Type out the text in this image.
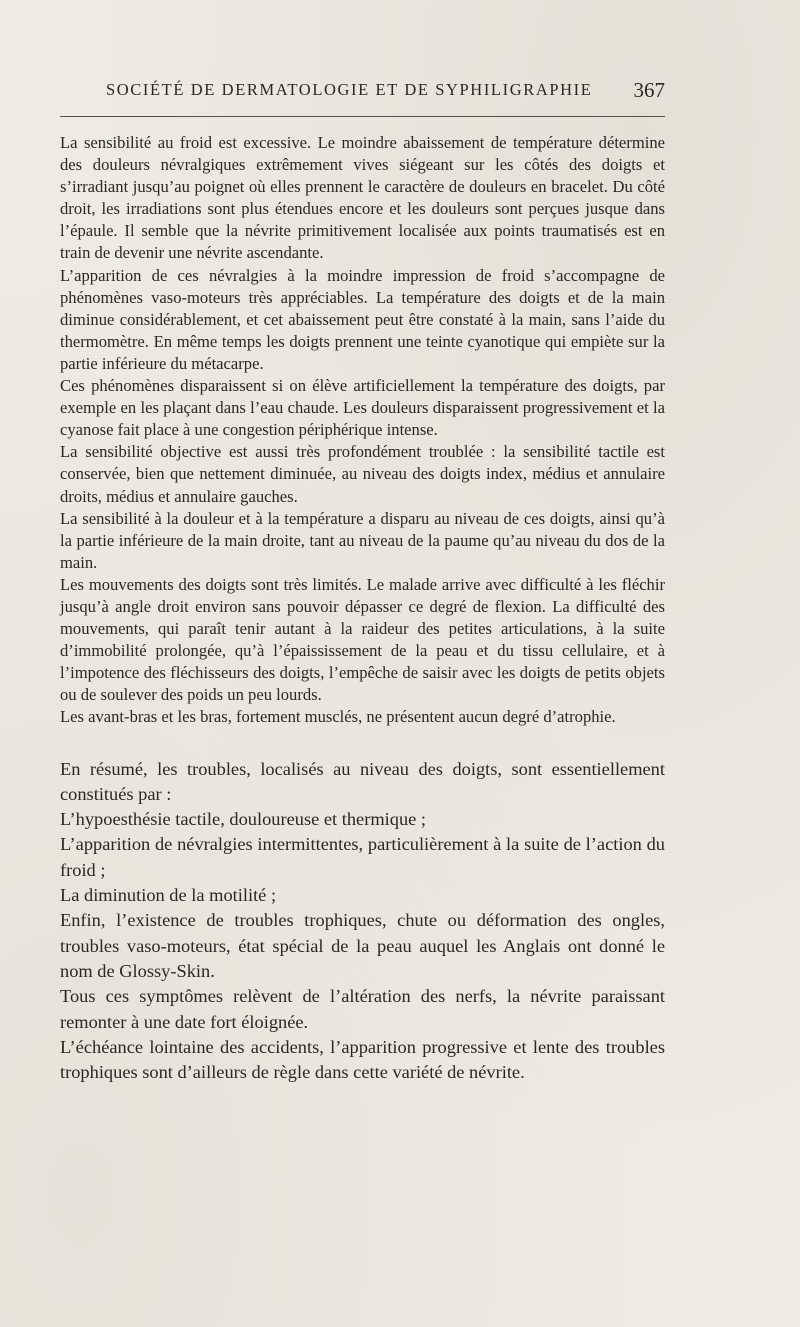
SOCIÉTÉ DE DERMATOLOGIE ET DE SYPHILIGRAPHIE 367

La sensibilité au froid est excessive. Le moindre abaissement de température détermine des douleurs névralgiques extrêmement vives siégeant sur les côtés des doigts et s’irradiant jusqu’au poignet où elles prennent le caractère de douleurs en bracelet. Du côté droit, les irradiations sont plus étendues encore et les douleurs sont perçues jusque dans l’épaule. Il semble que la névrite primitivement localisée aux points traumatisés est en train de devenir une névrite ascendante.

L’apparition de ces névralgies à la moindre impression de froid s’accompagne de phénomènes vaso-moteurs très appréciables. La température des doigts et de la main diminue considérablement, et cet abaissement peut être constaté à la main, sans l’aide du thermomètre. En même temps les doigts prennent une teinte cyanotique qui empiète sur la partie inférieure du métacarpe.

Ces phénomènes disparaissent si on élève artificiellement la température des doigts, par exemple en les plaçant dans l’eau chaude. Les douleurs disparaissent progressivement et la cyanose fait place à une congestion périphérique intense.

La sensibilité objective est aussi très profondément troublée : la sensibilité tactile est conservée, bien que nettement diminuée, au niveau des doigts index, médius et annulaire droits, médius et annulaire gauches.

La sensibilité à la douleur et à la température a disparu au niveau de ces doigts, ainsi qu’à la partie inférieure de la main droite, tant au niveau de la paume qu’au niveau du dos de la main.

Les mouvements des doigts sont très limités. Le malade arrive avec difficulté à les fléchir jusqu’à angle droit environ sans pouvoir dépasser ce degré de flexion. La difficulté des mouvements, qui paraît tenir autant à la raideur des petites articulations, à la suite d’immobilité prolongée, qu’à l’épaississement de la peau et du tissu cellulaire, et à l’impotence des fléchisseurs des doigts, l’empêche de saisir avec les doigts de petits objets ou de soulever des poids un peu lourds.

Les avant-bras et les bras, fortement musclés, ne présentent aucun degré d’atrophie.

En résumé, les troubles, localisés au niveau des doigts, sont essentiellement constitués par :

L’hypoesthésie tactile, douloureuse et thermique ;

L’apparition de névralgies intermittentes, particulièrement à la suite de l’action du froid ;

La diminution de la motilité ;

Enfin, l’existence de troubles trophiques, chute ou déformation des ongles, troubles vaso-moteurs, état spécial de la peau auquel les Anglais ont donné le nom de Glossy-Skin.

Tous ces symptômes relèvent de l’altération des nerfs, la névrite paraissant remonter à une date fort éloignée.

L’échéance lointaine des accidents, l’apparition progressive et lente des troubles trophiques sont d’ailleurs de règle dans cette variété de névrite.
